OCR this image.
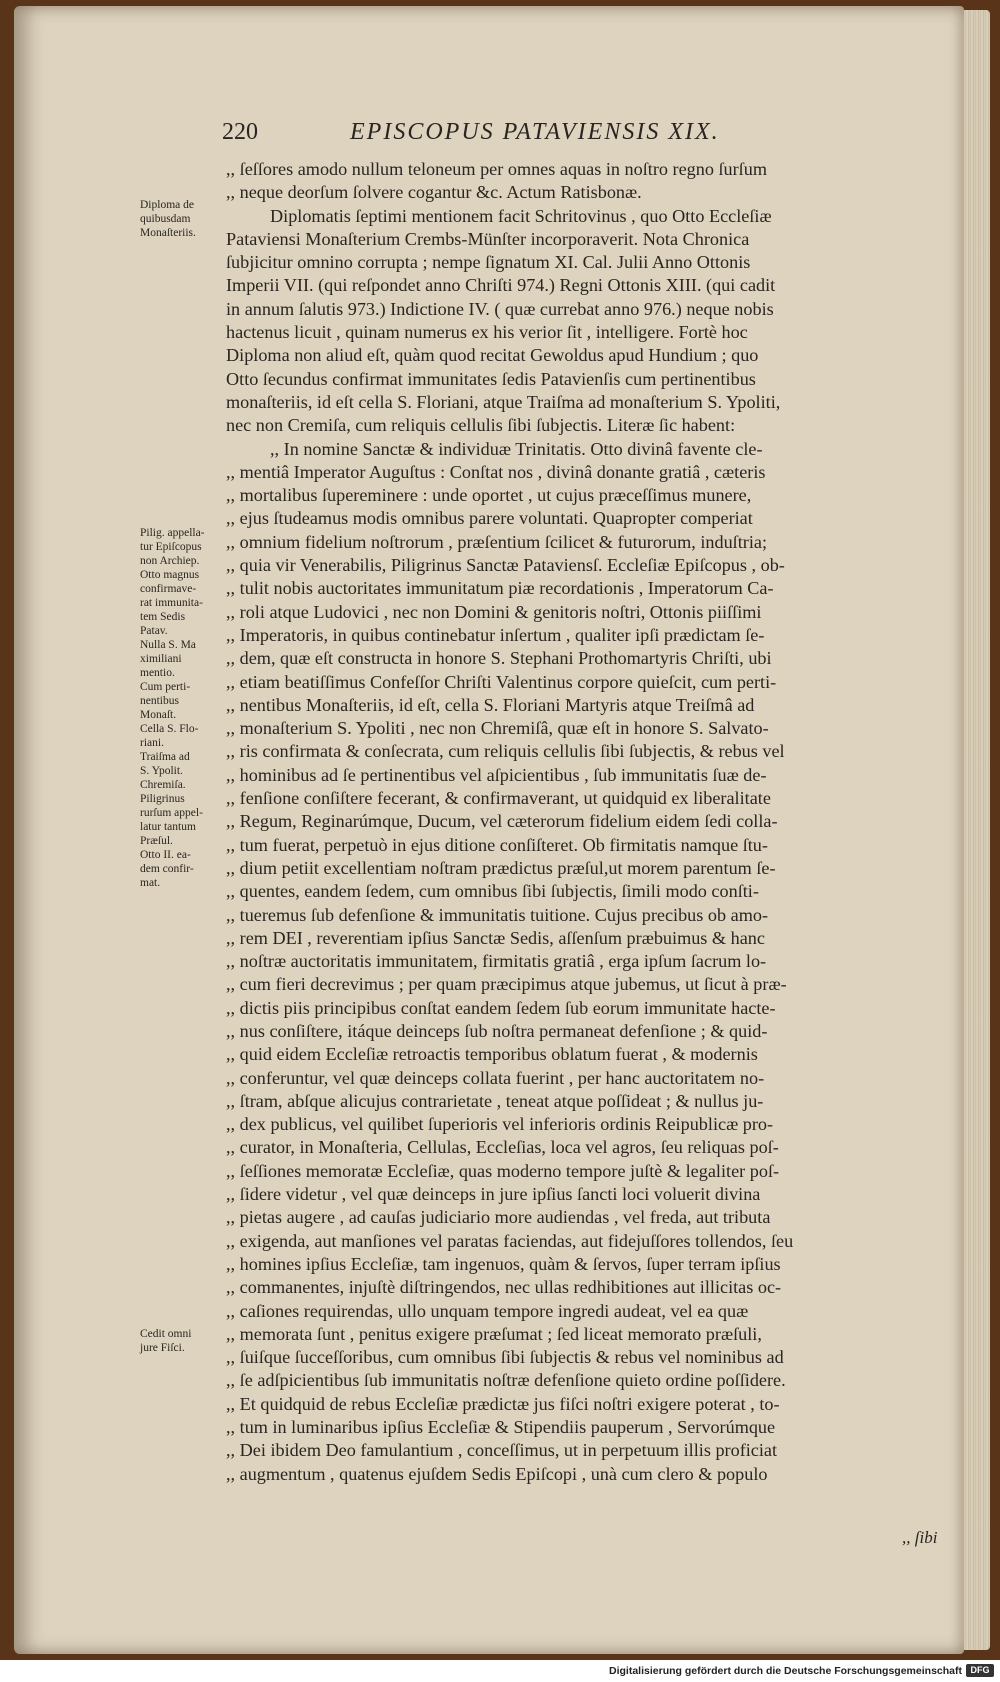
220	EPISCOPUS PATAVIENSIS XIX.
,, ſeſſores amodo nullum teloneum per omnes aquas in noſtro regno ſurſum
,, neque deorſum ſolvere cogantur &c. Actum Ratisbonæ.
Diplomatis ſeptimi mentionem facit Schritovinus , quo Otto Eccleſiæ
Pataviensi Monaſterium Crembs-Münſter incorporaverit. Nota Chronica
ſubjicitur omnino corrupta ; nempe ſignatum XI. Cal. Julii Anno Ottonis
Imperii VII. (qui reſpondet anno Chriſti 974.) Regni Ottonis XIII. (qui cadit
in annum ſalutis 973.) Indictione IV. ( quæ currebat anno 976.) neque nobis
hactenus licuit , quinam numerus ex his verior ſit , intelligere. Fortè hoc
Diploma non aliud eſt, quàm quod recitat Gewoldus apud Hundium ; quo
Otto ſecundus confirmat immunitates ſedis Patavienſis cum pertinentibus
monaſteriis, id eſt cella S. Floriani, atque Traiſma ad monaſterium S. Ypoliti,
nec non Cremiſa, cum reliquis cellulis ſibi ſubjectis. Literæ ſic habent:
,, In nomine Sanctæ & individuæ Trinitatis. Otto divinâ favente cle-
,, mentiâ Imperator Auguſtus : Conſtat nos , divinâ donante gratiâ , cæteris
,, mortalibus ſupereminere : unde oportet , ut cujus præceſſimus munere,
,, ejus ſtudeamus modis omnibus parere voluntati. Quapropter comperiat
,, omnium fidelium noſtrorum , præſentium ſcilicet & futurorum, induſtria;
,, quia vir Venerabilis, Piligrinus Sanctæ Pataviensſ. Eccleſiæ Epiſcopus , ob-
,, tulit nobis auctoritates immunitatum piæ recordationis , Imperatorum Ca-
,, roli atque Ludovici , nec non Domini & genitoris noſtri, Ottonis piiſſimi
,, Imperatoris, in quibus continebatur inſertum , qualiter ipſi prædictam ſe-
,, dem, quæ eſt constructa in honore S. Stephani Prothomartyris Chriſti, ubi
,, etiam beatiſſimus Confeſſor Chriſti Valentinus corpore quieſcit, cum perti-
,, nentibus Monaſteriis, id eſt, cella S. Floriani Martyris atque Treiſmâ ad
,, monaſterium S. Ypoliti , nec non Chremiſâ, quæ eſt in honore S. Salvato-
,, ris confirmata & conſecrata, cum reliquis cellulis ſibi ſubjectis, & rebus vel
,, hominibus ad ſe pertinentibus vel aſpicientibus , ſub immunitatis ſuæ de-
,, fenſione conſiſtere fecerant, & confirmaverant, ut quidquid ex liberalitate
,, Regum, Reginarúmque, Ducum, vel cæterorum fidelium eidem ſedi colla-
,, tum fuerat, perpetuò in ejus ditione conſiſteret. Ob firmitatis namque ſtu-
,, dium petiit excellentiam noſtram prædictus præſul,ut morem parentum ſe-
,, quentes, eandem ſedem, cum omnibus ſibi ſubjectis, ſimili modo conſti-
,, tueremus ſub defenſione & immunitatis tuitione. Cujus precibus ob amo-
,, rem DEI , reverentiam ipſius Sanctæ Sedis, aſſenſum præbuimus & hanc
,, noſtræ auctoritatis immunitatem, firmitatis gratiâ , erga ipſum ſacrum lo-
,, cum fieri decrevimus ; per quam præcipimus atque jubemus, ut ſicut à præ-
,, dictis piis principibus conſtat eandem ſedem ſub eorum immunitate hacte-
,, nus conſiſtere, itáque deinceps ſub noſtra permaneat defenſione ; & quid-
,, quid eidem Eccleſiæ retroactis temporibus oblatum fuerat , & modernis
,, conferuntur, vel quæ deinceps collata fuerint , per hanc auctoritatem no-
,, ſtram, abſque alicujus contrarietate , teneat atque poſſideat ; & nullus ju-
,, dex publicus, vel quilibet ſuperioris vel inferioris ordinis Reipublicæ pro-
,, curator, in Monaſteria, Cellulas, Eccleſias, loca vel agros, ſeu reliquas poſ-
,, ſeſſiones memoratæ Eccleſiæ, quas moderno tempore juſtè & legaliter poſ-
,, ſidere videtur , vel quæ deinceps in jure ipſius ſancti loci voluerit divina
,, pietas augere , ad cauſas judiciario more audiendas , vel freda, aut tributa
,, exigenda, aut manſiones vel paratas faciendas, aut fidejuſſores tollendos, ſeu
,, homines ipſius Eccleſiæ, tam ingenuos, quàm & ſervos, ſuper terram ipſius
,, commanentes, injuſtè diſtringendos, nec ullas redhibitiones aut illicitas oc-
,, caſiones requirendas, ullo unquam tempore ingredi audeat, vel ea quæ
,, memorata ſunt , penitus exigere præſumat ; ſed liceat memorato præſuli,
,, ſuiſque ſucceſſoribus, cum omnibus ſibi ſubjectis & rebus vel nominibus ad
,, ſe adſpicientibus ſub immunitatis noſtræ defenſione quieto ordine poſſidere.
,, Et quidquid de rebus Eccleſiæ prædictæ jus fiſci noſtri exigere poterat , to-
,, tum in luminaribus ipſius Eccleſiæ & Stipendiis pauperum , Servorúmque
,, Dei ibidem Deo famulantium , conceſſimus, ut in perpetuum illis proficiat
,, augmentum , quatenus ejuſdem Sedis Epiſcopi , unà cum clero & populo
Diploma de
quibusdam
Monaſteriis.
Pilig. appella-
tur Epiſcopus
non Archiep.
Otto magnus
confirmave-
rat immunita-
tem Sedis
Patav.
Nulla S. Ma
ximiliani
mentio.
Cum perti-
nentibus
Monaſt.
Cella S. Flo-
riani.
Traiſma ad
S. Ypolit.
Chremiſa.
Piligrinus
rurſum appel-
latur tantum
Præſul.
Otto II. ea-
dem confir-
mat.
Cedit omni
jure Fiſci.
,, ſibi
Digitalisierung gefördert durch die Deutsche Forschungsgemeinschaft DFG
